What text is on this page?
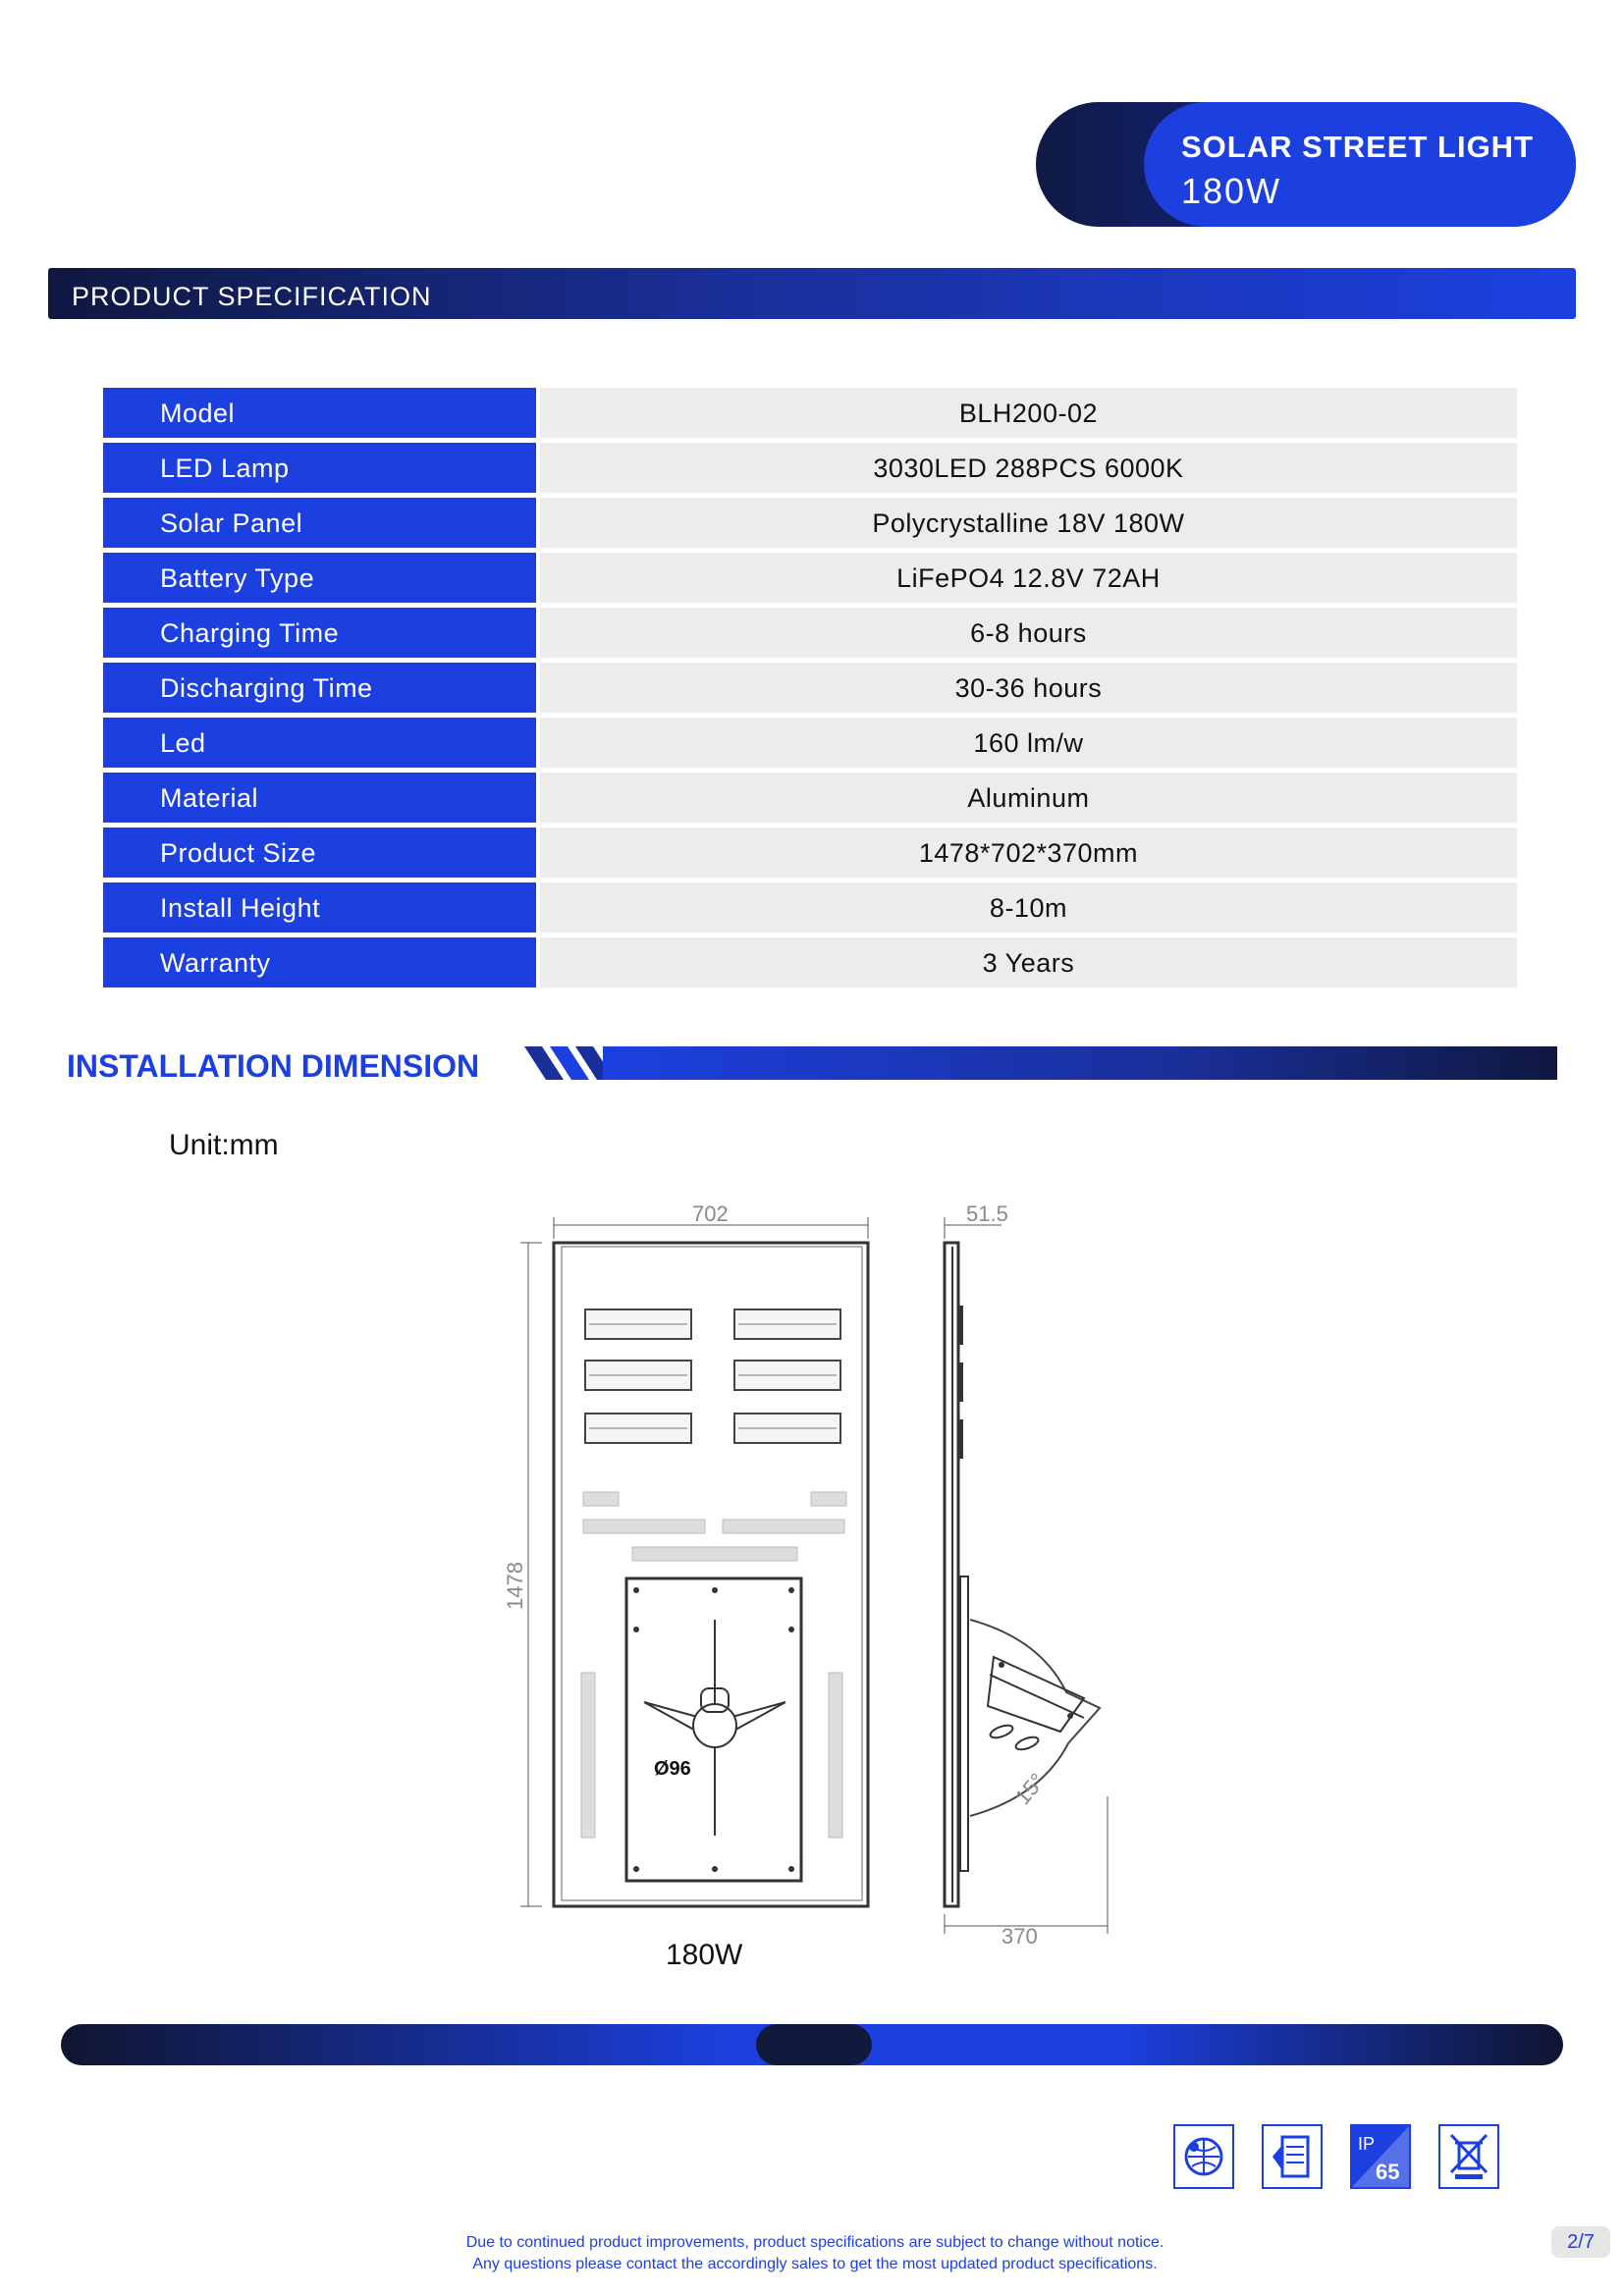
SOLAR STREET LIGHT
180W
PRODUCT SPECIFICATION
Model	BLH200-02
LED Lamp	3030LED 288PCS 6000K
Solar Panel	Polycrystalline 18V 180W
Battery Type	LiFePO4 12.8V 72AH
Charging Time	6-8 hours
Discharging Time	30-36 hours
Led	160 lm/w
Material	Aluminum
Product Size	1478*702*370mm
Install Height	8-10m
Warranty	3 Years
INSTALLATION DIMENSION
Unit:mm
702
1478
Ø96
51.5
15°
370
180W
IP
65
Due to continued product improvements, product specifications are subject to change without notice.
Any questions please contact the accordingly sales to get the most updated product specifications.
2/7
